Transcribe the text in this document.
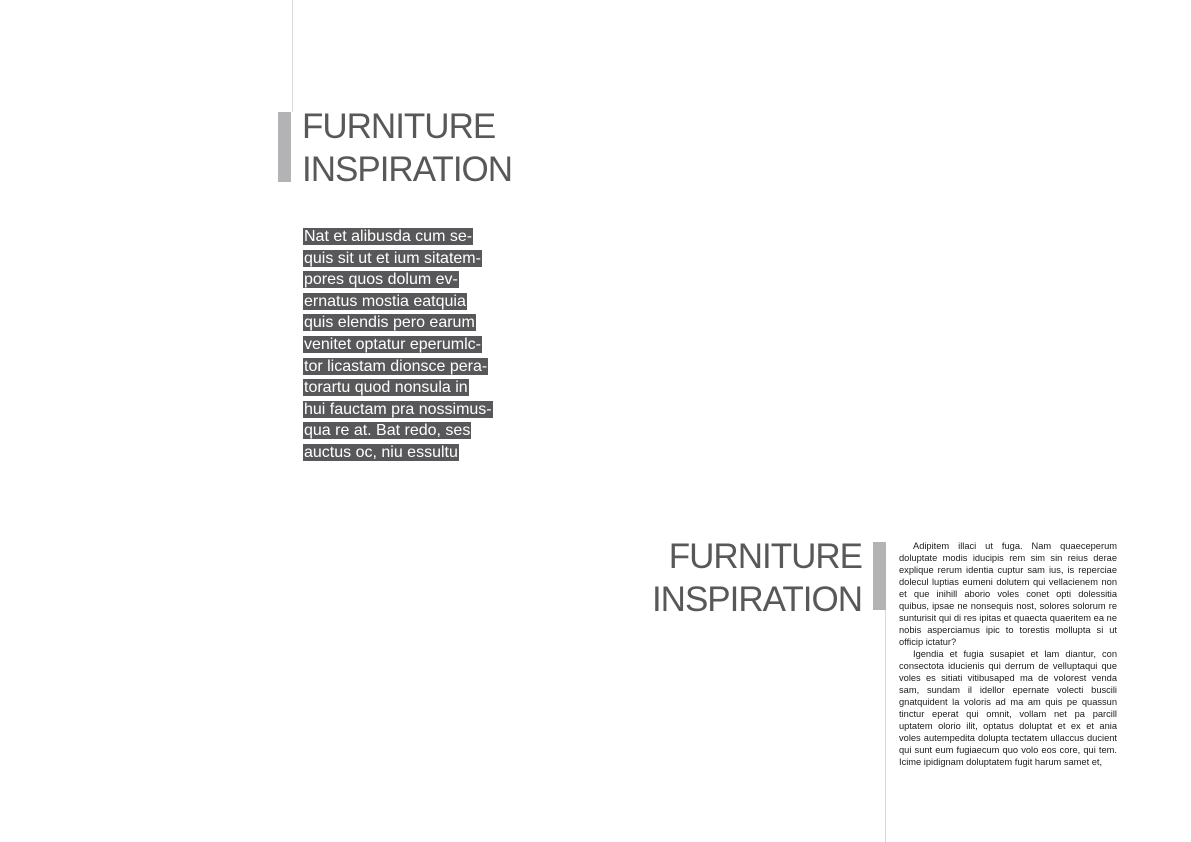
FURNITURE
INSPIRATION
Nat et alibusda cum se-
quis sit ut et ium sitatem-
pores quos dolum ev-
ernatus mostia eatquia
quis elendis pero earum
venitet optatur eperumlc-
tor licastam dionsce pera-
torartu quod nonsula in
hui fauctam pra nossimus-
qua re at. Bat redo, ses
auctus oc, niu essultu
FURNITURE
INSPIRATION

Adipitem illaci ut fuga. Nam quaeceperum doluptate modis iducipis rem sim sin reius derae explique rerum identia cuptur sam ius, is reperciae dolecul luptias eumeni dolutem qui vellacienem non et que inihill aborio voles conet opti dolessitia quibus, ipsae ne nonsequis nost, solores solorum re sunturisit qui di res ipitas et quaecta quaeritem ea ne nobis asperciamus ipic to torestis mollupta si ut officip ictatur?

Igendia et fugia susapiet et lam diantur, con consectota iducienis qui derrum de velluptaqui que voles es sitiati vitibusaped ma de volorest venda sam, sundam il idellor epernate volecti buscili gnatquident la voloris ad ma am quis pe quassun tinctur eperat qui omnit, vollam net pa parcill uptatem olorio ilit, optatus doluptat et ex et ania voles autempedita dolupta tectatem ullaccus ducient qui sunt eum fugiaecum quo volo eos core, qui tem. Icime ipidignam doluptatem fugit harum samet et,
